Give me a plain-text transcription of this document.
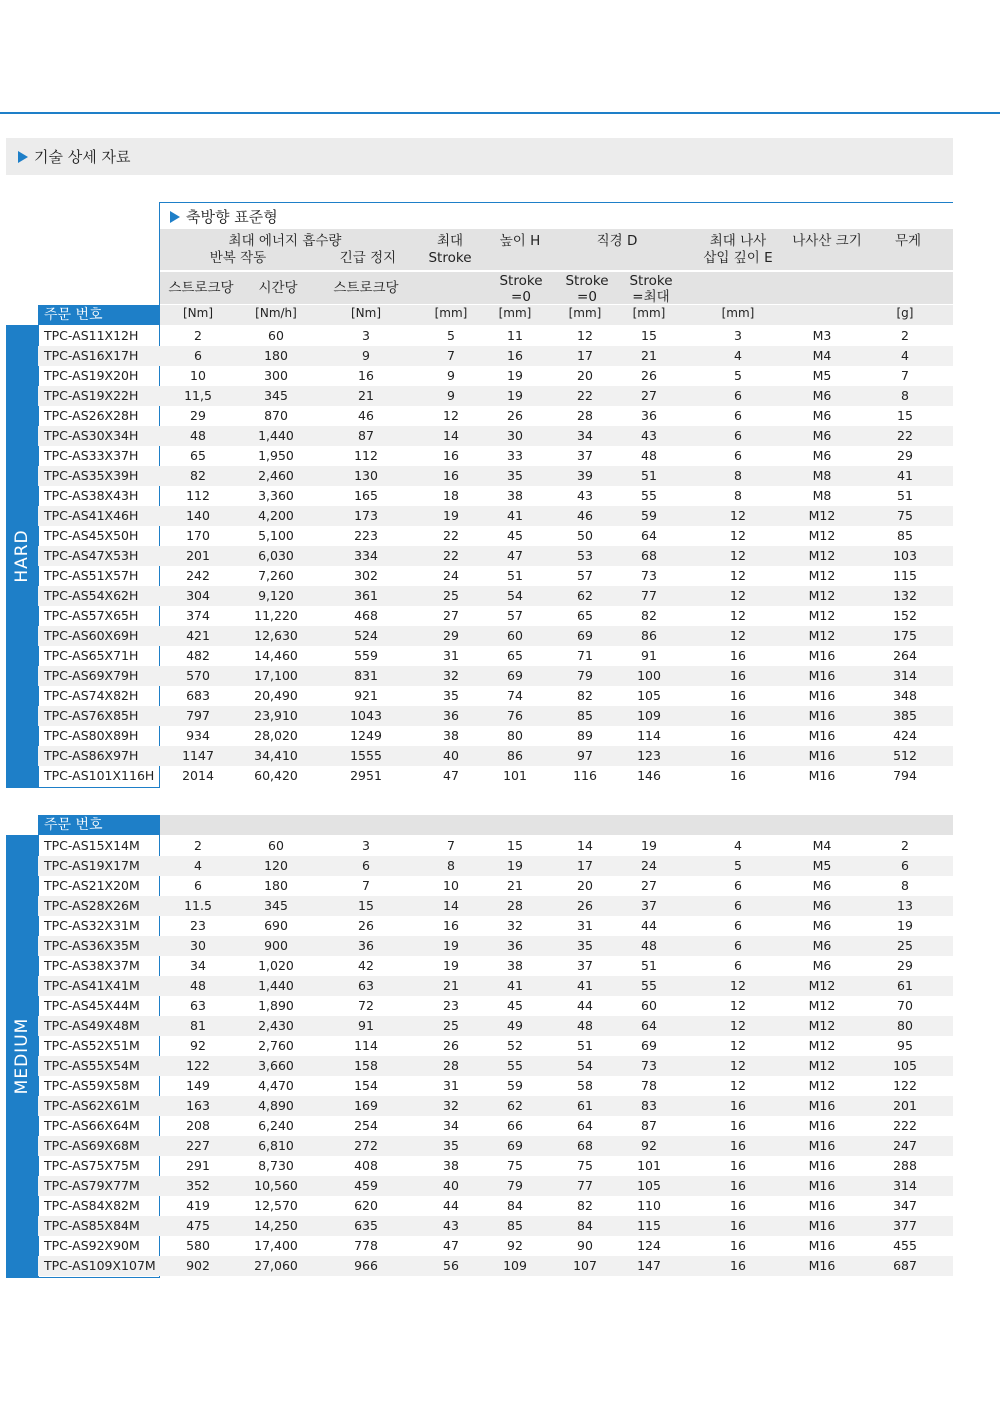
기술 상세 자료
축방향 표준형
최대 에너지 흡수량
반복 작동	긴급 정지
최대
Stroke
높이 H	직경 D	최대 나사
삽입 깊이 E
나사산 크기	무게
스트로크당	시간당	스트로크당	Stroke
=0
Stroke
=0
Stroke
=최대
주문 번호	[Nm]	[Nm/h]	[Nm]	[mm]	[mm]	[mm]	[mm]	[mm]	[g]
HARD
TPC-AS11X12H	2	60	3	5	11	12	15	3	M3	2
TPC-AS16X17H	6	180	9	7	16	17	21	4	M4	4
TPC-AS19X20H	10	300	16	9	19	20	26	5	M5	7
TPC-AS19X22H	11,5	345	21	9	19	22	27	6	M6	8
TPC-AS26X28H	29	870	46	12	26	28	36	6	M6	15
TPC-AS30X34H	48	1,440	87	14	30	34	43	6	M6	22
TPC-AS33X37H	65	1,950	112	16	33	37	48	6	M6	29
TPC-AS35X39H	82	2,460	130	16	35	39	51	8	M8	41
TPC-AS38X43H	112	3,360	165	18	38	43	55	8	M8	51
TPC-AS41X46H	140	4,200	173	19	41	46	59	12	M12	75
TPC-AS45X50H	170	5,100	223	22	45	50	64	12	M12	85
TPC-AS47X53H	201	6,030	334	22	47	53	68	12	M12	103
TPC-AS51X57H	242	7,260	302	24	51	57	73	12	M12	115
TPC-AS54X62H	304	9,120	361	25	54	62	77	12	M12	132
TPC-AS57X65H	374	11,220	468	27	57	65	82	12	M12	152
TPC-AS60X69H	421	12,630	524	29	60	69	86	12	M12	175
TPC-AS65X71H	482	14,460	559	31	65	71	91	16	M16	264
TPC-AS69X79H	570	17,100	831	32	69	79	100	16	M16	314
TPC-AS74X82H	683	20,490	921	35	74	82	105	16	M16	348
TPC-AS76X85H	797	23,910	1043	36	76	85	109	16	M16	385
TPC-AS80X89H	934	28,020	1249	38	80	89	114	16	M16	424
TPC-AS86X97H	1147	34,410	1555	40	86	97	123	16	M16	512
TPC-AS101X116H	2014	60,420	2951	47	101	116	146	16	M16	794
주문 번호
MEDIUM
TPC-AS15X14M	2	60	3	7	15	14	19	4	M4	2
TPC-AS19X17M	4	120	6	8	19	17	24	5	M5	6
TPC-AS21X20M	6	180	7	10	21	20	27	6	M6	8
TPC-AS28X26M	11.5	345	15	14	28	26	37	6	M6	13
TPC-AS32X31M	23	690	26	16	32	31	44	6	M6	19
TPC-AS36X35M	30	900	36	19	36	35	48	6	M6	25
TPC-AS38X37M	34	1,020	42	19	38	37	51	6	M6	29
TPC-AS41X41M	48	1,440	63	21	41	41	55	12	M12	61
TPC-AS45X44M	63	1,890	72	23	45	44	60	12	M12	70
TPC-AS49X48M	81	2,430	91	25	49	48	64	12	M12	80
TPC-AS52X51M	92	2,760	114	26	52	51	69	12	M12	95
TPC-AS55X54M	122	3,660	158	28	55	54	73	12	M12	105
TPC-AS59X58M	149	4,470	154	31	59	58	78	12	M12	122
TPC-AS62X61M	163	4,890	169	32	62	61	83	16	M16	201
TPC-AS66X64M	208	6,240	254	34	66	64	87	16	M16	222
TPC-AS69X68M	227	6,810	272	35	69	68	92	16	M16	247
TPC-AS75X75M	291	8,730	408	38	75	75	101	16	M16	288
TPC-AS79X77M	352	10,560	459	40	79	77	105	16	M16	314
TPC-AS84X82M	419	12,570	620	44	84	82	110	16	M16	347
TPC-AS85X84M	475	14,250	635	43	85	84	115	16	M16	377
TPC-AS92X90M	580	17,400	778	47	92	90	124	16	M16	455
TPC-AS109X107M	902	27,060	966	56	109	107	147	16	M16	687
